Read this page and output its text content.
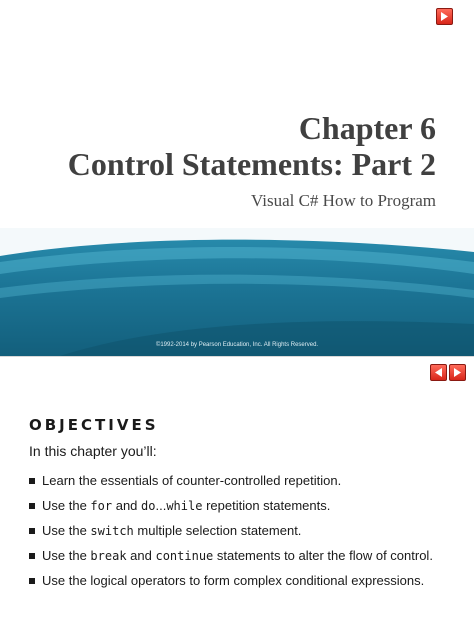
Chapter 6
Control Statements: Part 2
Visual C# How to Program
©1992-2014 by Pearson Education, Inc. All Rights Reserved.
OBJECTIVES
In this chapter you’ll:
Learn the essentials of counter-controlled repetition.
Use the for and do...while repetition statements.
Use the switch multiple selection statement.
Use the break and continue statements to alter the flow of control.
Use the logical operators to form complex conditional expressions.
